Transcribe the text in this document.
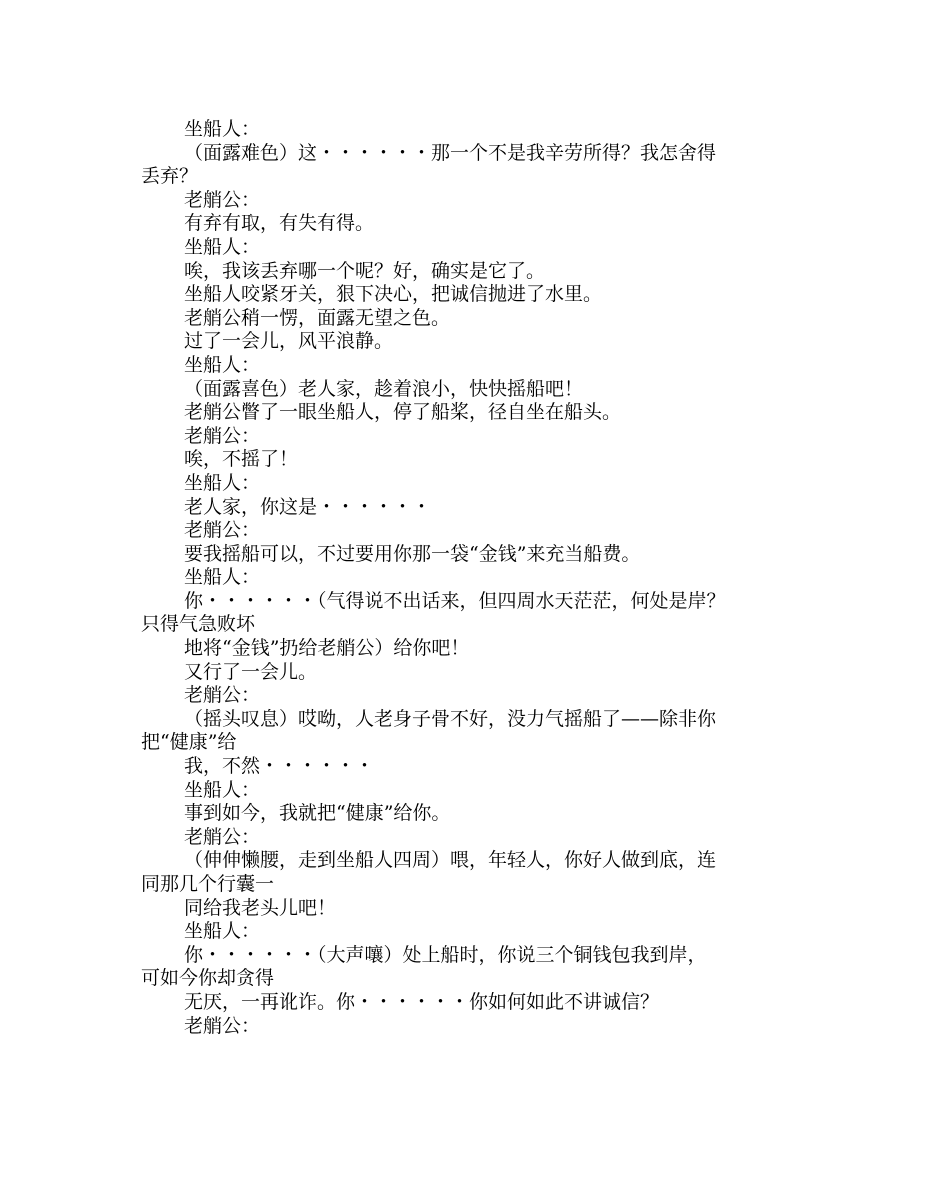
坐船人：
（面露难色）这・・・・・・那一个不是我辛劳所得？我怎舍得
丢弃？
老艄公：
有弃有取，有失有得。
坐船人：
唉，我该丢弃哪一个呢？好，确实是它了。
坐船人咬紧牙关，狠下决心，把诚信抛进了水里。
老艄公稍一愣，面露无望之色。
过了一会儿，风平浪静。
坐船人：
（面露喜色）老人家，趁着浪小，快快摇船吧！
老艄公瞥了一眼坐船人，停了船桨，径自坐在船头。
老艄公：
唉，不摇了！
坐船人：
老人家，你这是・・・・・・
老艄公：
要我摇船可以，不过要用你那一袋“金钱”来充当船费。
坐船人：
你・・・・・・（气得说不出话来，但四周水天茫茫，何处是岸？
只得气急败坏
地将“金钱”扔给老艄公）给你吧！
又行了一会儿。
老艄公：
（摇头叹息）哎呦，人老身子骨不好，没力气摇船了——除非你
把“健康”给
我，不然・・・・・・
坐船人：
事到如今，我就把“健康”给你。
老艄公：
（伸伸懒腰，走到坐船人四周）喂，年轻人，你好人做到底，连
同那几个行囊一
同给我老头儿吧！
坐船人：
你・・・・・・（大声嚷）处上船时，你说三个铜钱包我到岸，
可如今你却贪得
无厌，一再讹诈。你・・・・・・你如何如此不讲诚信？
老艄公：
